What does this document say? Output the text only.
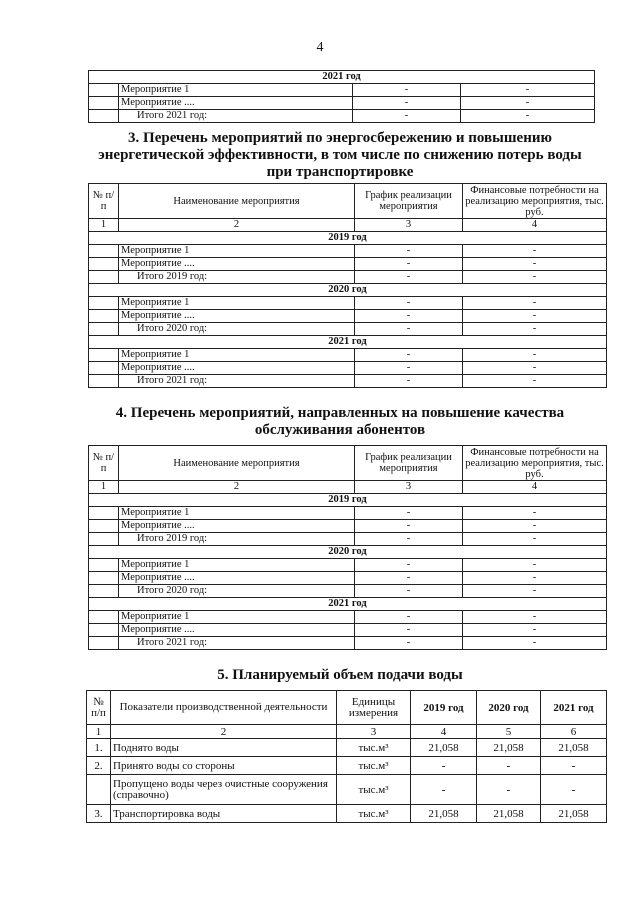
4
2021 год			
	Мероприятие 1	-	-
	Мероприятие ....	-	-
	Итого 2021 год:	-	-
3. Перечень мероприятий по энергосбережению и повышению
энергетической эффективности, в том числе по снижению потерь воды
при транспортировке
№ п/п	Наименование мероприятия	График реализации мероприятия	Финансовые потребности на реализацию мероприятия, тыс. руб.
1	2	3	4
2019 год			
	Мероприятие 1	-	-
	Мероприятие ....	-	-
	Итого 2019 год:	-	-
2020 год			
	Мероприятие 1	-	-
	Мероприятие ....	-	-
	Итого 2020 год:	-	-
2021 год			
	Мероприятие 1	-	-
	Мероприятие ....	-	-
	Итого 2021 год:	-	-
4. Перечень мероприятий, направленных на повышение качества
обслуживания абонентов
№ п/п	Наименование мероприятия	График реализации мероприятия	Финансовые потребности на реализацию мероприятия, тыс. руб.
1	2	3	4
2019 год			
	Мероприятие 1	-	-
	Мероприятие ....	-	-
	Итого 2019 год:	-	-
2020 год			
	Мероприятие 1	-	-
	Мероприятие ....	-	-
	Итого 2020 год:	-	-
2021 год			
	Мероприятие 1	-	-
	Мероприятие ....	-	-
	Итого 2021 год:	-	-
5. Планируемый объем подачи воды
№ п/п	Показатели производственной деятельности	Единицы измерения	2019 год	2020 год	2021 год
1	2	3	4	5	6
1.	Поднято воды	тыс.м³	21,058	21,058	21,058
2.	Принято воды со стороны	тыс.м³	-	-	-
	Пропущено воды через очистные сооружения (справочно)	тыс.м³	-	-	-
3.	Транспортировка воды	тыс.м³	21,058	21,058	21,058
